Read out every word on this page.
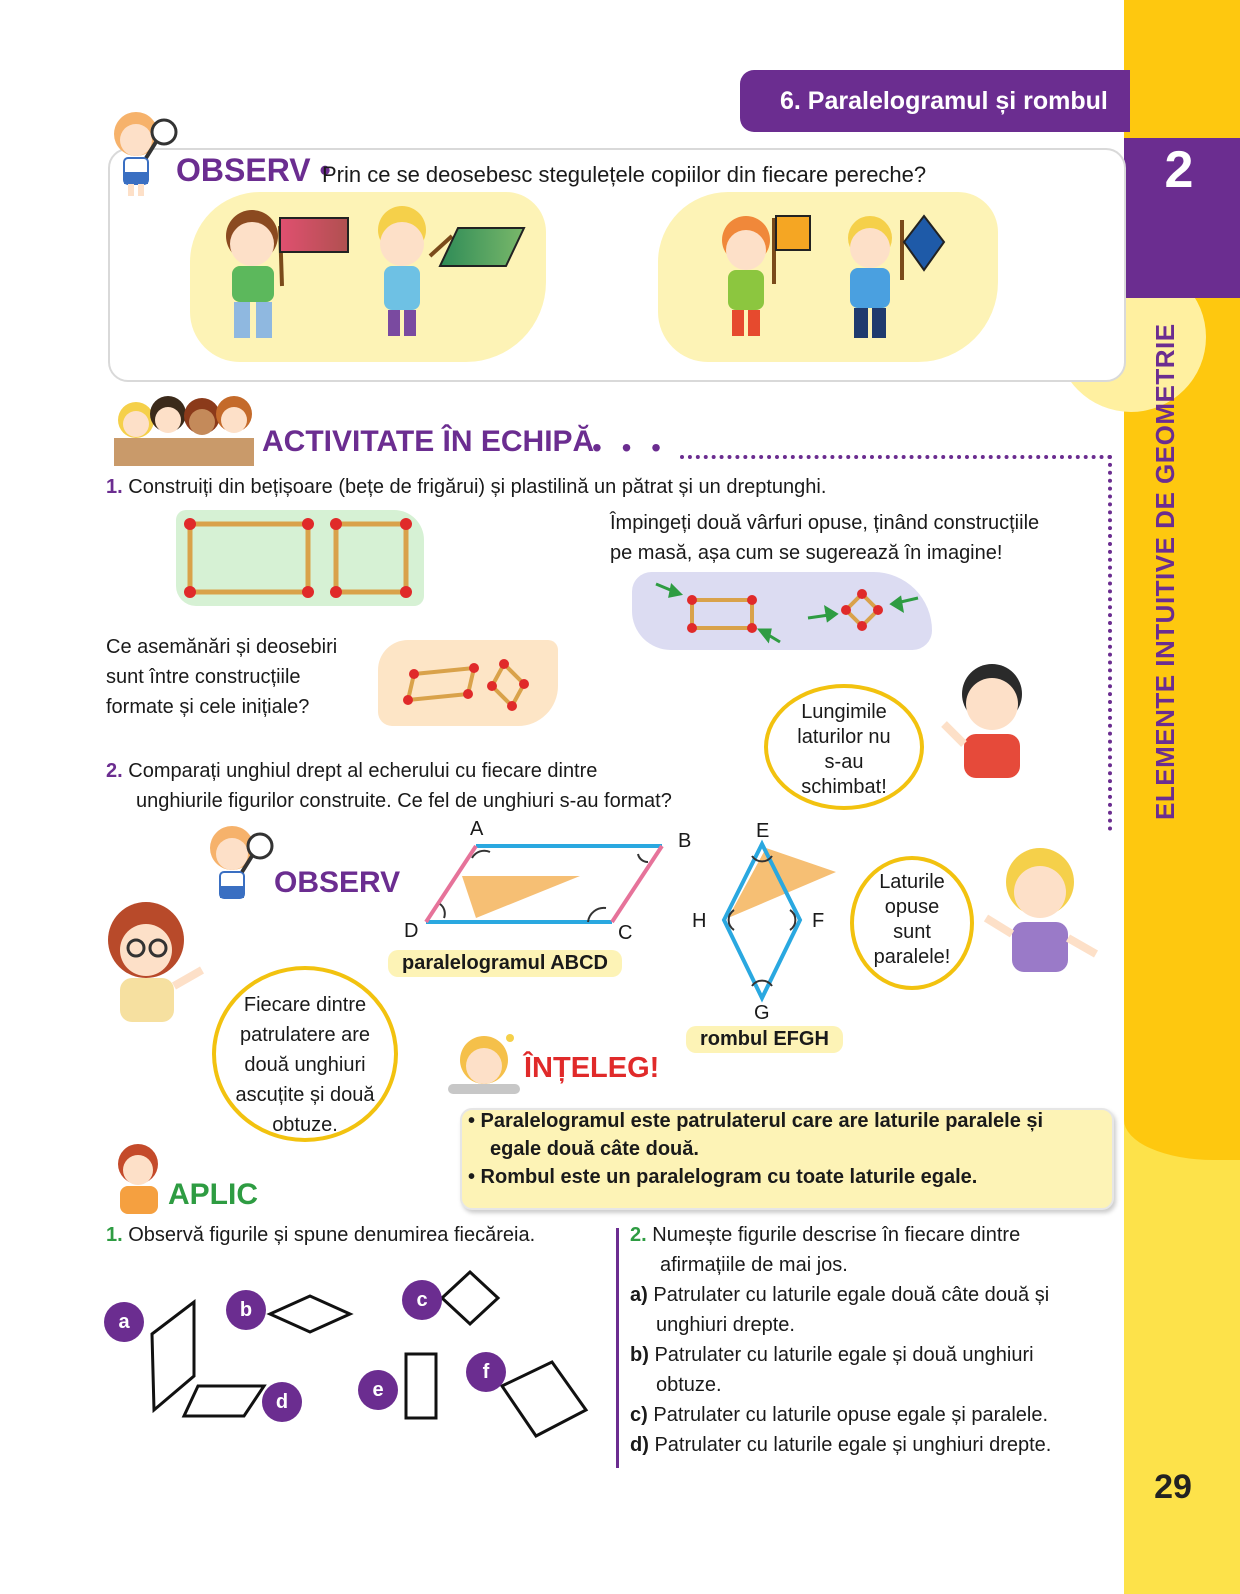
2
ELEMENTE INTUITIVE DE GEOMETRIE
29
6. Paralelogramul și rombul
OBSERV •
Prin ce se deosebesc stegulețele copiilor din fiecare pereche?
ACTIVITATE ÎN ECHIPĂ
• • •
1. Construiți din bețișoare (bețe de frigărui) și plastilină un pătrat și un dreptunghi.
Împingeți două vârfuri opuse, ținând construcțiile
pe masă, așa cum se sugerează în imagine!
Ce asemănări și deosebiri
sunt între construcțiile
formate și cele inițiale?	Lungimile
laturilor nu
s-au
schimbat!
2. Comparați unghiul drept al echerului cu fiecare dintre
unghiurile figurilor construite. Ce fel de unghiuri s-au format?
OBSERV
A
B
C
D
paralelogramul ABCD
E
F
G
H
rombul EFGH
Laturile
opuse
sunt
paralele!
Fiecare dintre
patrulatere are
două unghiuri
ascuțite și două
obtuze.
ÎNȚELEG!
• Paralelogramul este patrulaterul care are laturile paralele și
egale două câte două.
• Rombul este un paralelogram cu toate laturile egale.
APLIC
1. Observă figurile și spune denumirea fiecăreia.
a
b	c
d
e
f
2. Numește figurile descrise în fiecare dintre
afirmațiile de mai jos.
a) Patrulater cu laturile egale două câte două și
unghiuri drepte.
b) Patrulater cu laturile egale și două unghiuri
obtuze.
c) Patrulater cu laturile opuse egale și paralele.
d) Patrulater cu laturile egale și unghiuri drepte.
